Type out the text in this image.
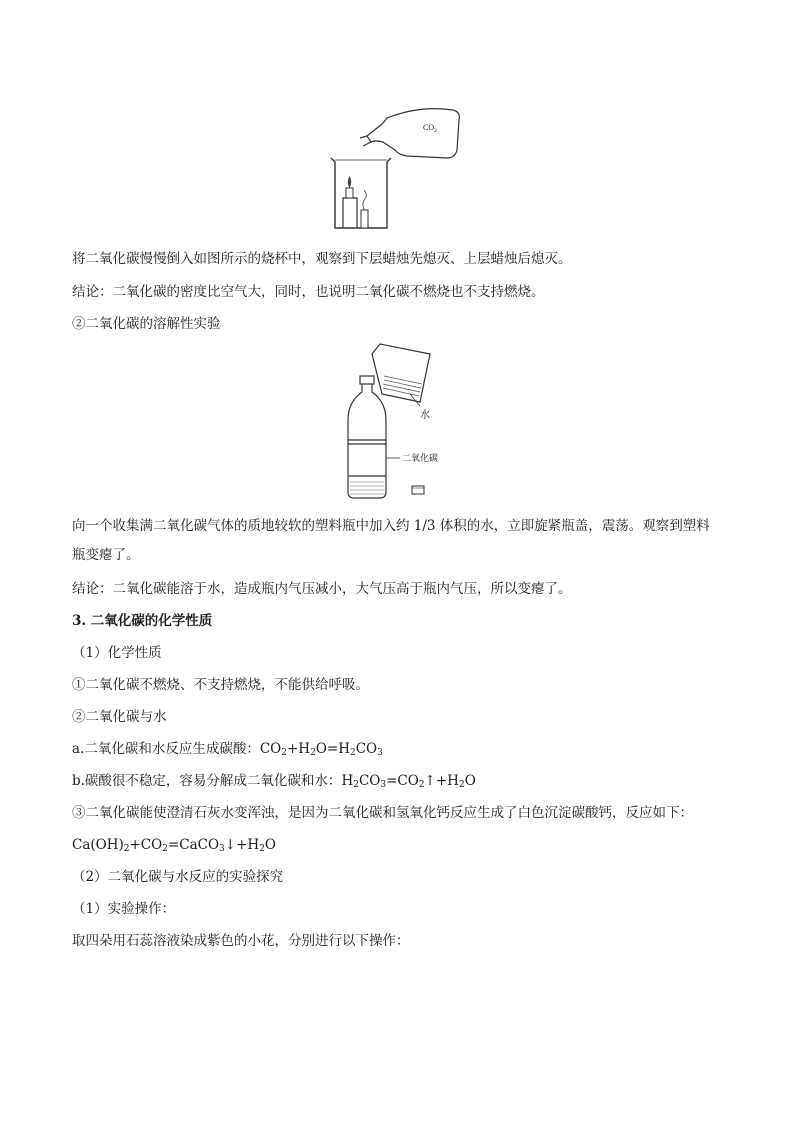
$CO_2$
水
二氧化碳
将二氧化碳慢慢倒入如图所示的烧杯中，观察到下层蜡烛先熄灭、上层蜡烛后熄灭。
结论：二氧化碳的密度比空气大，同时，也说明二氧化碳不燃烧也不支持燃烧。
②二氧化碳的溶解性实验
向一个收集满二氧化碳气体的质地较软的塑料瓶中加入约 1/3 体积的水，立即旋紧瓶盖，震荡。观察到塑料
瓶变瘪了。
结论：二氧化碳能溶于水，造成瓶内气压减小，大气压高于瓶内气压，所以变瘪了。
3. 二氧化碳的化学性质
（1）化学性质
①二氧化碳不燃烧、不支持燃烧，不能供给呼吸。
②二氧化碳与水
a.二氧化碳和水反应生成碳酸：$CO_2+H_2O=H_2CO_3$
b.碳酸很不稳定，容易分解成二氧化碳和水：$H_2CO_3=CO_2↑+H_2O$
③二氧化碳能使澄清石灰水变浑浊，是因为二氧化碳和氢氧化钙反应生成了白色沉淀碳酸钙，反应如下：
$Ca(OH)_2+CO_2=CaCO_3↓+H_2O$
（2）二氧化碳与水反应的实验探究
（1）实验操作：
取四朵用石蕊溶液染成紫色的小花，分别进行以下操作：
